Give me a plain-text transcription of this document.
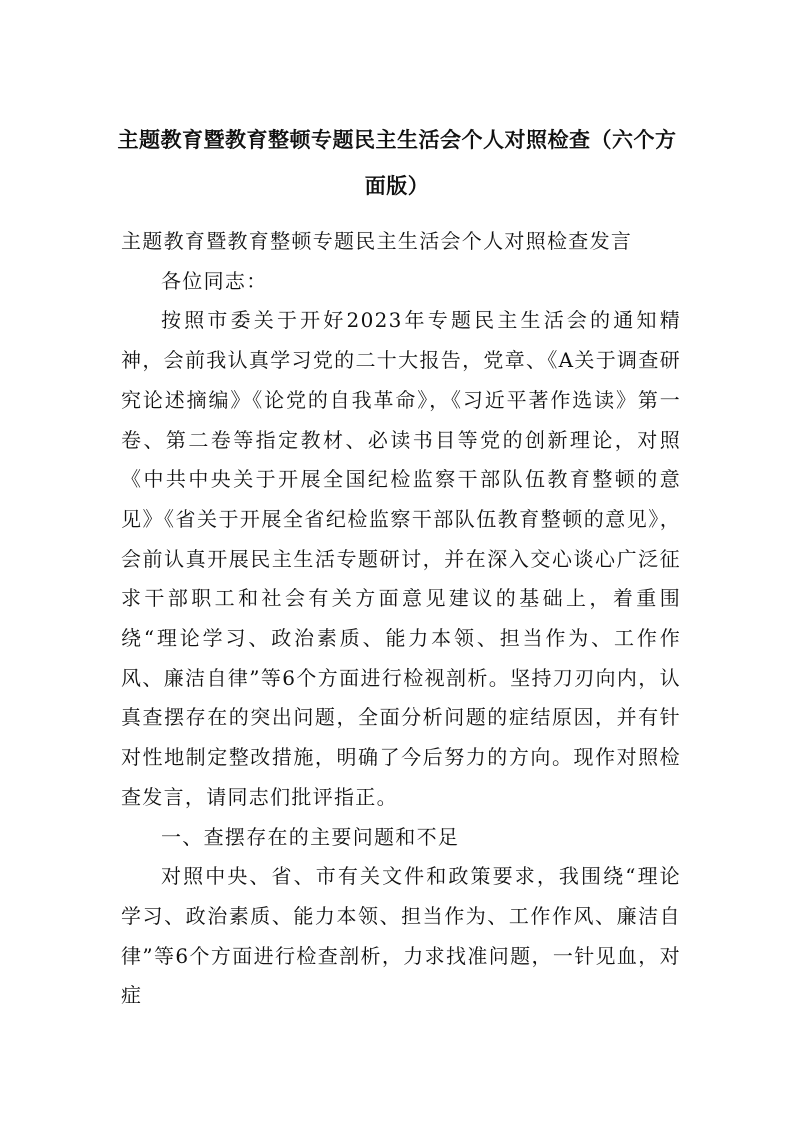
主题教育暨教育整顿专题民主生活会个人对照检查（六个方面版）

主题教育暨教育整顿专题民主生活会个人对照检查发言

各位同志：

按照市委关于开好2023年专题民主生活会的通知精神，会前我认真学习党的二十大报告，党章、《A关于调查研究论述摘编》《论党的自我革命》，《习近平著作选读》第一卷、第二卷等指定教材、必读书目等党的创新理论，对照《中共中央关于开展全国纪检监察干部队伍教育整顿的意见》《省关于开展全省纪检监察干部队伍教育整顿的意见》，会前认真开展民主生活专题研讨，并在深入交心谈心广泛征求干部职工和社会有关方面意见建议的基础上，着重围绕“理论学习、政治素质、能力本领、担当作为、工作作风、廉洁自律”等6个方面进行检视剖析。坚持刀刃向内，认真查摆存在的突出问题，全面分析问题的症结原因，并有针对性地制定整改措施，明确了今后努力的方向。现作对照检查发言，请同志们批评指正。

一、查摆存在的主要问题和不足

对照中央、省、市有关文件和政策要求，我围绕“理论学习、政治素质、能力本领、担当作为、工作作风、廉洁自律”等6个方面进行检查剖析，力求找准问题，一针见血，对症
